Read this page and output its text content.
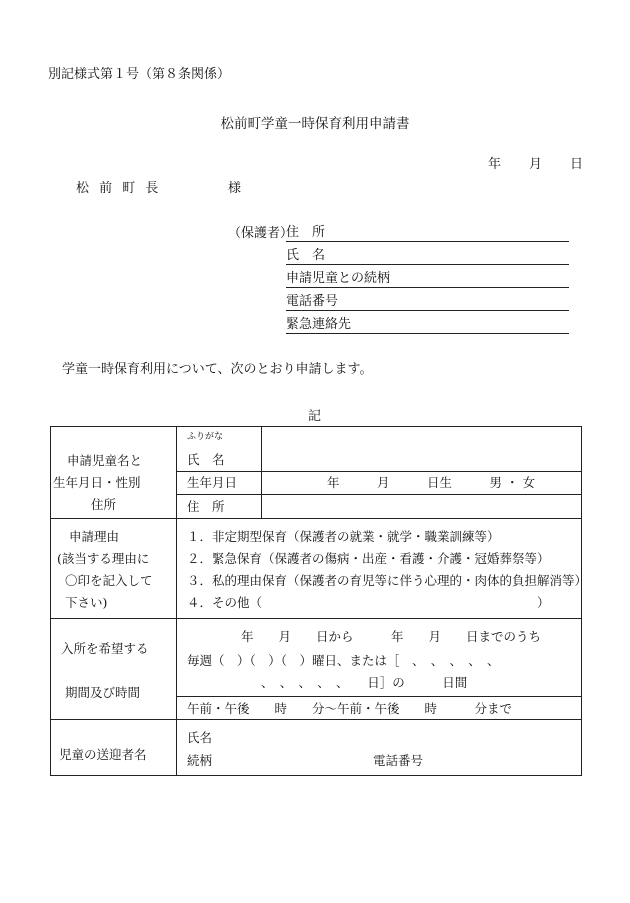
別記様式第１号（第８条関係）
松前町学童一時保育利用申請書
年 月 日
松 前 町 長	様
（保護者）
住　所
氏　名
申請児童との続柄
電話番号
緊急連絡先
学童一時保育利用について、次のとおり申請します。
記
申請児童名と
生年月日・性別
住所
ふりがな
氏　名
生年月日
住　所
年　　　月　　　日生　　　男 ・ 女
申請理由
(該当する理由に
〇印を記入して
下さい)
１．非定期型保育（保護者の就業・就学・職業訓練等）
２．緊急保育（保護者の傷病・出産・看護・介護・冠婚葬祭等）
３．私的理由保育（保護者の育児等に伴う心理的・肉体的負担解消等）
４．その他（　　　　　　　　　　　　　　　　　　　　　　）
入所を希望する
期間及び時間
年　　月　　日から　　　年　　月　　日までのうち
毎週（　）（　）（　）曜日、または［　、　、　、　、　、
、　、　、　、　、　　日］の　　　日間
午前・午後　　時　　分～午前・午後　　時　　　分まで
児童の送迎者名
氏名
続柄	電話番号
